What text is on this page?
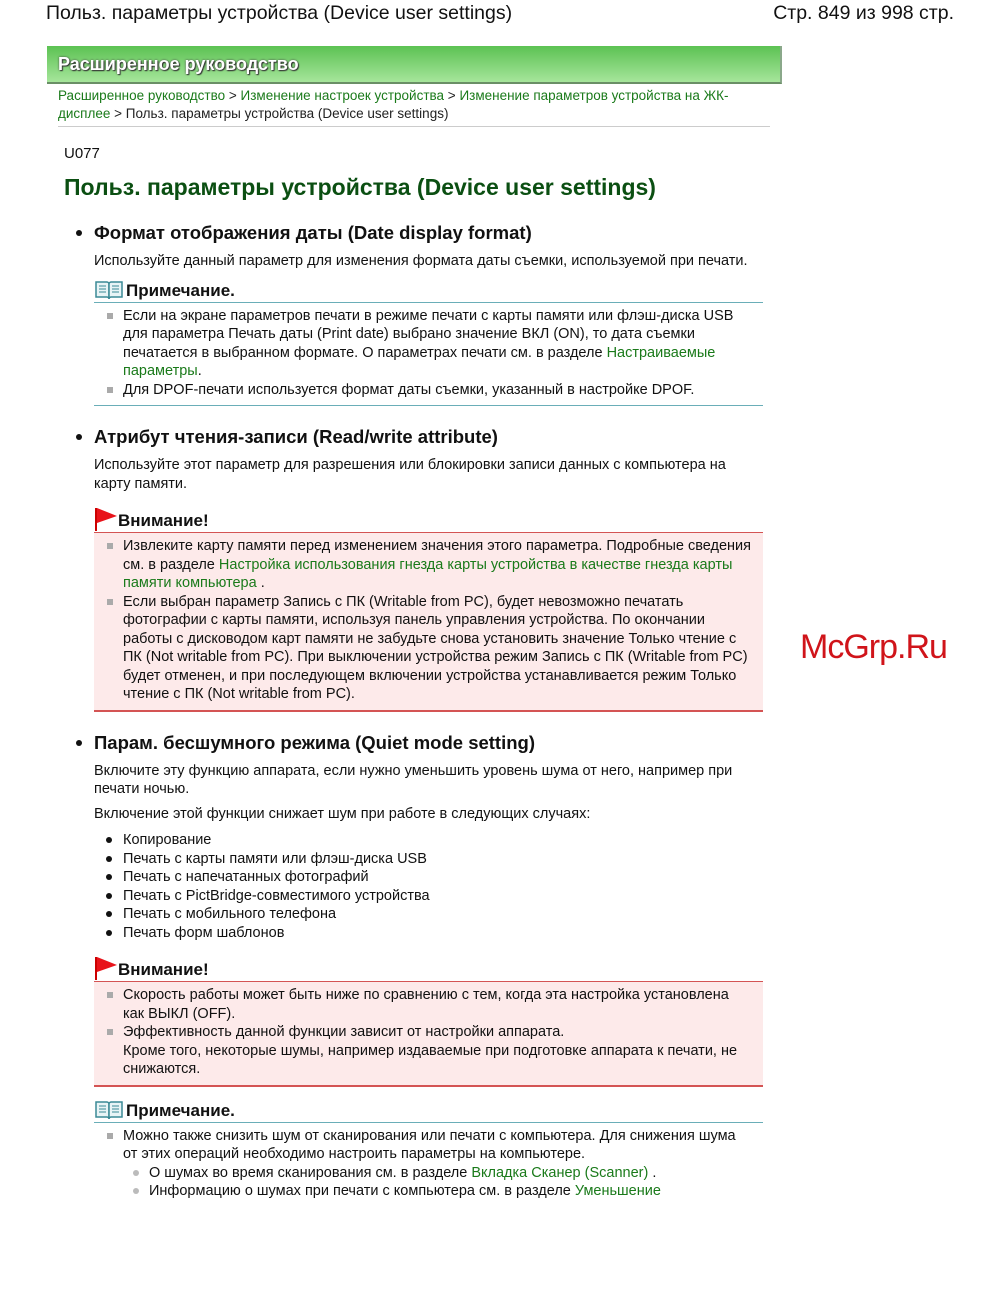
Польз. параметры устройства (Device user settings)	Стр. 849 из 998 стр.
Расширенное руководство
Расширенное руководство > Изменение настроек устройства > Изменение параметров устройства на ЖК-дисплее > Польз. параметры устройства (Device user settings)
U077
Польз. параметры устройства (Device user settings)
Формат отображения даты (Date display format)

Используйте данный параметр для изменения формата даты съемки, используемой при печати.

Примечание.
Если на экране параметров печати в режиме печати с карты памяти или флэш-диска USB для параметра Печать даты (Print date) выбрано значение ВКЛ (ON), то дата съемки печатается в выбранном формате. О параметрах печати см. в разделе Настраиваемые параметры.
Для DPOF-печати используется формат даты съемки, указанный в настройке DPOF.
Атрибут чтения-записи (Read/write attribute)

Используйте этот параметр для разрешения или блокировки записи данных с компьютера на карту памяти.

Внимание!
Извлеките карту памяти перед изменением значения этого параметра. Подробные сведения см. в разделе Настройка использования гнезда карты устройства в качестве гнезда карты памяти компьютера .
Если выбран параметр Запись с ПК (Writable from PC), будет невозможно печатать фотографии с карты памяти, используя панель управления устройства. По окончании работы с дисководом карт памяти не забудьте снова установить значение Только чтение с ПК (Not writable from PC). При выключении устройства режим Запись с ПК (Writable from PC) будет отменен, и при последующем включении устройства устанавливается режим Только чтение с ПК (Not writable from PC).
Парам. бесшумного режима (Quiet mode setting)

Включите эту функцию аппарата, если нужно уменьшить уровень шума от него, например при печати ночью.

Включение этой функции снижает шум при работе в следующих случаях:

Копирование
Печать с карты памяти или флэш-диска USB
Печать с напечатанных фотографий
Печать с PictBridge-совместимого устройства
Печать с мобильного телефона
Печать форм шаблонов
Внимание!
Скорость работы может быть ниже по сравнению с тем, когда эта настройка установлена как ВЫКЛ (OFF).
Эффективность данной функции зависит от настройки аппарата.
Кроме того, некоторые шумы, например издаваемые при подготовке аппарата к печати, не снижаются.
Примечание.
Можно также снизить шум от сканирования или печати с компьютера. Для снижения шума от этих операций необходимо настроить параметры на компьютере.
О шумах во время сканирования см. в разделе Вкладка Сканер (Scanner) .
Информацию о шумах при печати с компьютера см. в разделе Уменьшение
McGrp.Ru
